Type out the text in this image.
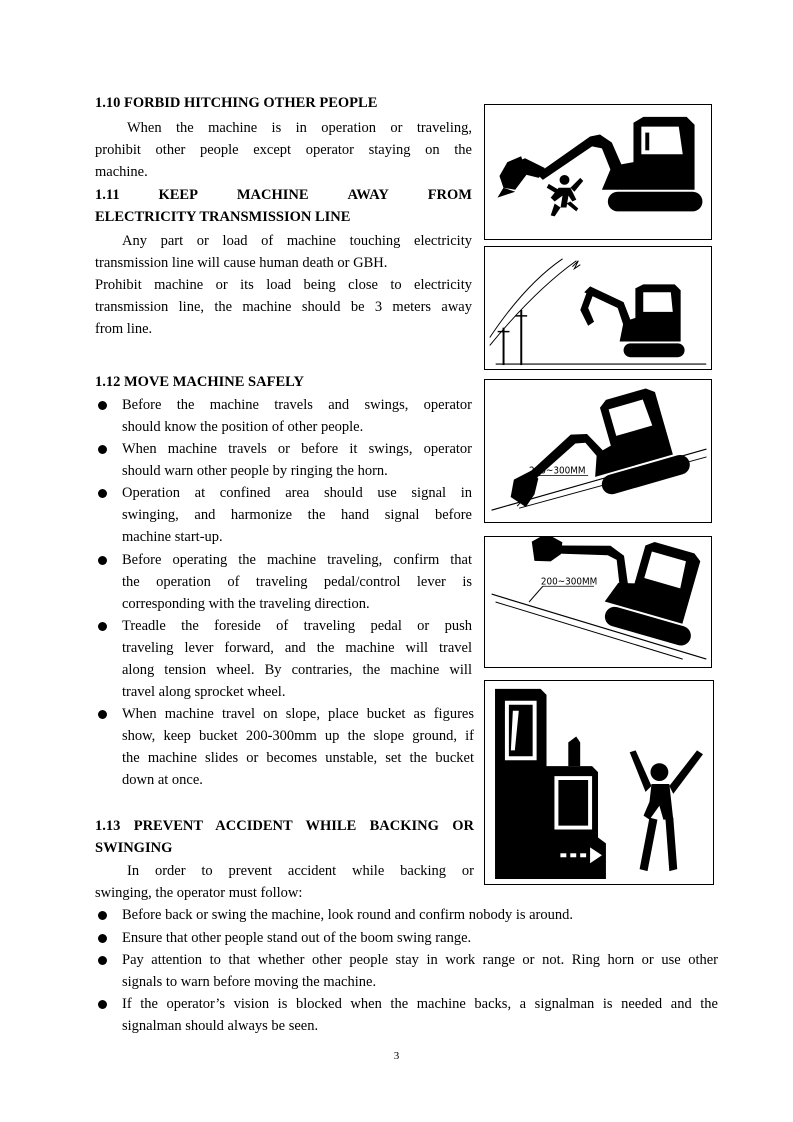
1.10 FORBID HITCHING OTHER PEOPLE
When the machine is in operation or traveling,
prohibit other people except operator staying on the
machine.
1.11	KEEP	MACHINE	AWAY	FROM
ELECTRICITY TRANSMISSION LINE
Any part or load of machine touching electricity
transmission line will cause human death or GBH.
Prohibit machine or its load being close to electricity
transmission line, the machine should be 3 meters away
from line.
1.12 MOVE MACHINE SAFELY
Before the machine travels and swings, operator
should know the position of other people.
When machine travels or before it swings, operator
should warn other people by ringing the horn.
Operation at confined area should use signal in
swinging, and harmonize the hand signal before
machine start-up.
Before operating the machine traveling, confirm that
the operation of traveling pedal/control lever is
corresponding with the traveling direction.
Treadle the foreside of traveling pedal or push
traveling lever forward, and the machine will travel
along tension wheel. By contraries, the machine will
travel along sprocket wheel.
When machine travel on slope, place bucket as figures
show, keep bucket 200-300mm up the slope ground, if
the machine slides or becomes unstable, set the bucket
down at once.
1.13 PREVENT ACCIDENT WHILE BACKING OR
SWINGING
In order to prevent accident while backing or
swinging, the operator must follow:
Before back or swing the machine, look round and confirm nobody is around.
Ensure that other people stand out of the boom swing range.
Pay attention to that whether other people stay in work range or not. Ring horn or use other
signals to warn before moving the machine.
If the operator’s vision is blocked when the machine backs, a signalman is needed and the
signalman should always be seen.
200~300MM
200~300MM
3
